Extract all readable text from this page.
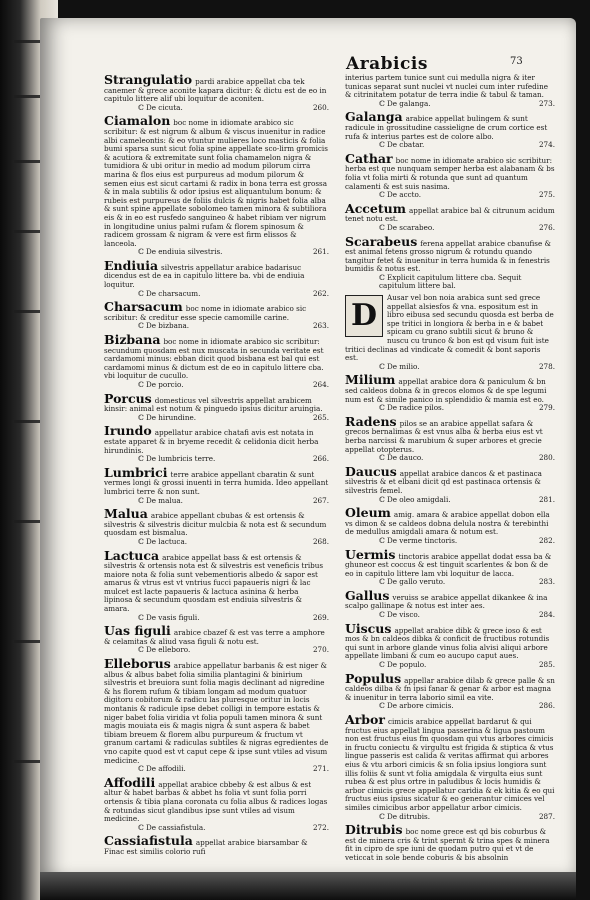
Arabicis	73
Strangulatio pardi arabice appellat cba tek canemer & grece aconite kapara dicitur: & dictu est de eo in capitulo littere alif ubi loquitur de aconiten.
ℂ De cicuta.	260.
Ciamalon boc nome in idiomate arabico sic scribitur: & est nigrum & album & viscus inuenitur in radice albi cameleontis: & eo vtuntur mulieres loco masticis & folia bumi sparsa sunt sicut folia spine appellate sco-lirm gromicis & acutiora & extremitate sunt folia chamamelon nigra & tumidiora & ubi oritur in medio ad modum pilorum cirra marina & flos eius est purpureus ad modum pilorum & semen eius est sicut cartami & radix in bona terra est grossa & in mala subtilis & odor ipsius est aliquantulum bonum: & rubeis est purpureus de foliis dulcis & nigris habet folia alba & sunt spine appellate sobolomeo tamen minora & subtiliora eis & in eo est rusfedo sanguineo & habet ribiam ver nigrum in longitudine unius palmi rufam & florem spinosum & radicem grossam & nigram & vere est firm elissos & lanceola.
ℂ De endiuia silvestris.	261.
Endiuia silvestris appellatur arabice badarisuc dicendus est de ea in capitulo littere ba. vbi de endiuia loquitur.
ℂ De charsacum.	262.
Charsacum boc nome in idiomate arabico sic scribitur: & creditur esse specie camomille carine.
ℂ De bizbana.	263.
Bizbana boc nome in idiomate arabico sic scribitur: secundum quosdam est nux muscata in secunda veritate est cardamomi minus: ebban dicit quod bisbana est bal qui est cardamomi minus & dictum est de eo in capitulo littere cba. vbi loquitur de cucullo.
ℂ De porcio.	264.
Porcus domesticus vel silvestris appellat arabicem kinsir: animal est notum & pinguedo ipsius dicitur aruingia.
ℂ De hirundine.	265.
Irundo appellatur arabice chatafi avis est notata in estate apparet & in bryeme recedit & celidonia dicit herba hirundinis.
ℂ De lumbricis terre.	266.
Lumbrici terre arabice appellant cbaratin & sunt vermes longi & grossi inuenti in terra humida. Ideo appellant lumbrici terre & non sunt.
ℂ De malua.	267.
Malua arabice appellant cbubas & est ortensis & silvestris & silvestris dicitur mulcbia & nota est & secundum quosdam est bismalua.
ℂ De lactuca.	268.
Lactuca arabice appellat bass & est ortensis & silvestris & ortensis nota est & silvestris est veneficis tribus maiore nota & folia sunt vebementioris albedo & sapor est amarus & vtrus est vt vntrius fucci papaueris nigri & lac mulcet est lacte papaueris & lactuca asinina & herba lipinosa & secundum quosdam est endiuia silvestris & amara.
ℂ De vasis figuli.	269.
Uas figuli arabice cbazef & est vas terre a amphore & celamitas & aliud vasa figuli & notu est.
ℂ De elleboro.	270.
Elleborus arabice appellatur barbanis & est niger & albus & albus babet folia similia plantagini & binirium silvestris et breuiora sunt folia magis declinant ad nigredine & hs florem rufum & tibiam longam ad modum quatuor digitoru cobitorum & radicu las pluresque oritur in locis montanis & radicule ipse debet colligi in tempore estatis & niger babet folia viridia vt folia populi tamen minora & sunt magis mouiata eis & magis nigra & sunt aspera & babet tibiam breuem & florem albu purpureum & fructum vt granum cartami & radiculas subtiles & nigras egredientes de vno capite quod est vt caput cepe & ipse sunt vtiles ad visum medicine.
ℂ De affodili.	271.
Affodili appellat arabice cbbeby & est albus & est altur & habet barbas & abbet hs folia vt sunt folia porri ortensis & tibia plana coronata cu folia albus & radices logas & rotundas sicut glandibus ipse sunt vtiles ad visum medicine.
ℂ De cassiafistula.	272.
Cassiafistula appellat arabice biarsambar & Finac est similis colorio rufi
interius partem tunice sunt cui medulla nigra & iter tunicas separat sunt nuclei vt nuclei cum inter rufedine & citrinitatem potatur de terra indie & tabul & taman.
ℂ De galanga.	273.
Galanga arabice appellat bulingem & sunt radicule in grossitudine cassieligne de crum cortice est rufa & interius partes est de colore albo.
ℂ De cbatar.	274.
Cathar boc nome in idiomate arabico sic scribitur: herba est que nunquam semper herba est alabanam & bs folia vt folia mirti & rotunda que sunt ad quantum calamenti & est suis nasima.
ℂ De accto.	275.
Accetum appellat arabice bal & citrunum acidum tenet notu est.
ℂ De scarabeo.	276.
Scarabeus ferena appellat arabice cbanufise & est animal fetens grosso nigrum & rotundu quando tangitur fetet & inuenitur in terra humida & in fenestris bumidis & notus est.
ℂ Explicit capitulum littere cba. Sequit capitulum littere bal.
D
Ausar vel bon noia arabica sunt sed grece appellat alsiesfos & vna. espositum est in libro eibusa sed secundu quosda est berba de spe tritici in longiora & berba in e & babet spicam cu grano subtili sicut & bruno & nuscu cu trunco & bon est qd visum fuit iste tritici declinas ad vindicate & comedit & bont saporis est.
ℂ De milio.	278.
Milium appellat arabice dora & paniculum & bn sed caldeos dobna & in grecos elomos & de spe legumi num est & simile panico in splendidio & mamia est eo.
ℂ De radice pilos.	279.
Radens pilos se an arabice appellat safara & grecos bernalimas & est vnus alba & berba eius est vt berba narcissi & marubium & super arbores et grecie appellat otopterus.
ℂ De dauco.	280.
Daucus appellat arabice dancos & et pastinaca silvestris & et elbani dicit qd est pastinaca ortensis & silvestris femel.
ℂ De oleo amigdali.	281.
Oleum amig. amara & arabice appellat dobon ella vs dimon & se caldeos dobna delula nostra & terebinthi de medullus amigdali amara & notum est.
ℂ De verme tinctoris.	282.
Uermis tinctoris arabice appellat dodat essa ba & ghuneor est coccus & est tinguit scarlentes & bon & de eo in capitulo littere lam vbi loquitur de lacca.
ℂ De gallo veruto.	283.
Gallus veruiss se arabice appellat dikankee & ina scalpo gallinape & notus est inter aes.
ℂ De visco.	284.
Uiscus appellat arabice dibk & grece ioso & est mos & bn caldeos dibka & conficit de fructibus rotundis qui sunt in arbore glande vinus folia alvisi aliqui arbore appellate limbani & cum eo aucupo caput aues.
ℂ De populo.	285.
Populus appellar arabice dilab & grece palle & sn caldeos dilba & fn ipsi fanar & genar & arbor est magna & inuenitur in terra laborio simil ea vite.
ℂ De arbore cimicis.	286.
Arbor cimicis arabice appellat bardarut & qui fructus eius appellat lingua passerina & ligua pastoum non est fructus eius fm quosdam qui vtus arbores cimicis in fructu coniectu & virgultu est frigida & stiptica & vtus lingue passeris est calida & veritas affirmat qui arbores eius & vtu arbori cimicis & sn folia ipsius longiora sunt illis foliis & sunt vt folia amigdala & virgulta eius sunt rubea & est plus ortre in paludibus & locis humidis & arbor cimicis grece appellatur caridia & ek kitia & eo qui fructus eius ipsius sicatur & eo generantur cimices vel similes cimicibus arbor appellatur arbor cimicis.
ℂ De ditrubis.	287.
Ditrubis boc nome grece est qd bis coburbus & est de minera cris & trint spermt & trina spes & minera fit in cipro de spe iuni de quodam putro qui et vt de veticcat in sole bende coburis & bis absolnin
